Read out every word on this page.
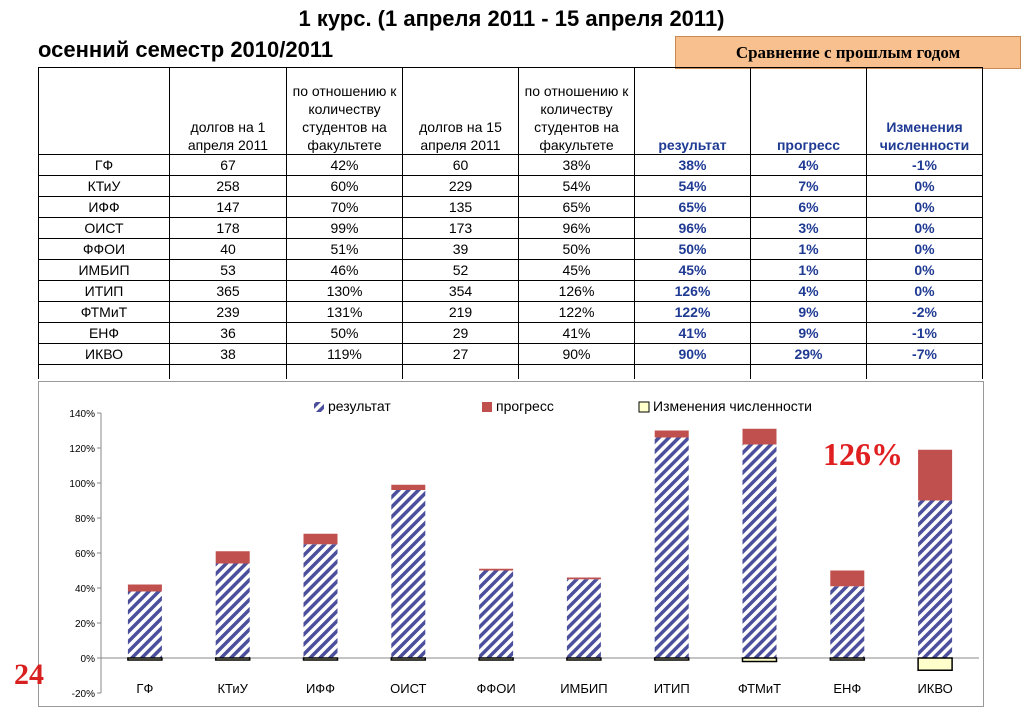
1 курс. (1 апреля 2011 - 15 апреля 2011)
осенний семестр 2010/2011	Сравнение с прошлым годом
	долгов на 1 апреля 2011	по отношению к количеству студентов на факультете	долгов на 15 апреля 2011	по отношению к количеству студентов на факультете	результат	прогресс	Изменения численности
ГФ	67	42%	60	38%	38%	4%	-1%
КТиУ	258	60%	229	54%	54%	7%	0%
ИФФ	147	70%	135	65%	65%	6%	0%
ОИСТ	178	99%	173	96%	96%	3%	0%
ФФОИ	40	51%	39	50%	50%	1%	0%
ИМБИП	53	46%	52	45%	45%	1%	0%
ИТИП	365	130%	354	126%	126%	4%	0%
ФТМиТ	239	131%	219	122%	122%	9%	-2%
ЕНФ	36	50%	29	41%	41%	9%	-1%
ИКВО	38	119%	27	90%	90%	29%	-7%

-20%
0%
20%
40%
60%
80%
100%
120%
140%
ГФ	КТиУ	ИФФ	ОИСТ	ФФОИ	ИМБИП	ИТИП	ФТМиТ	ЕНФ	ИКВО
результат	прогресс	Изменения численности
126%
24
